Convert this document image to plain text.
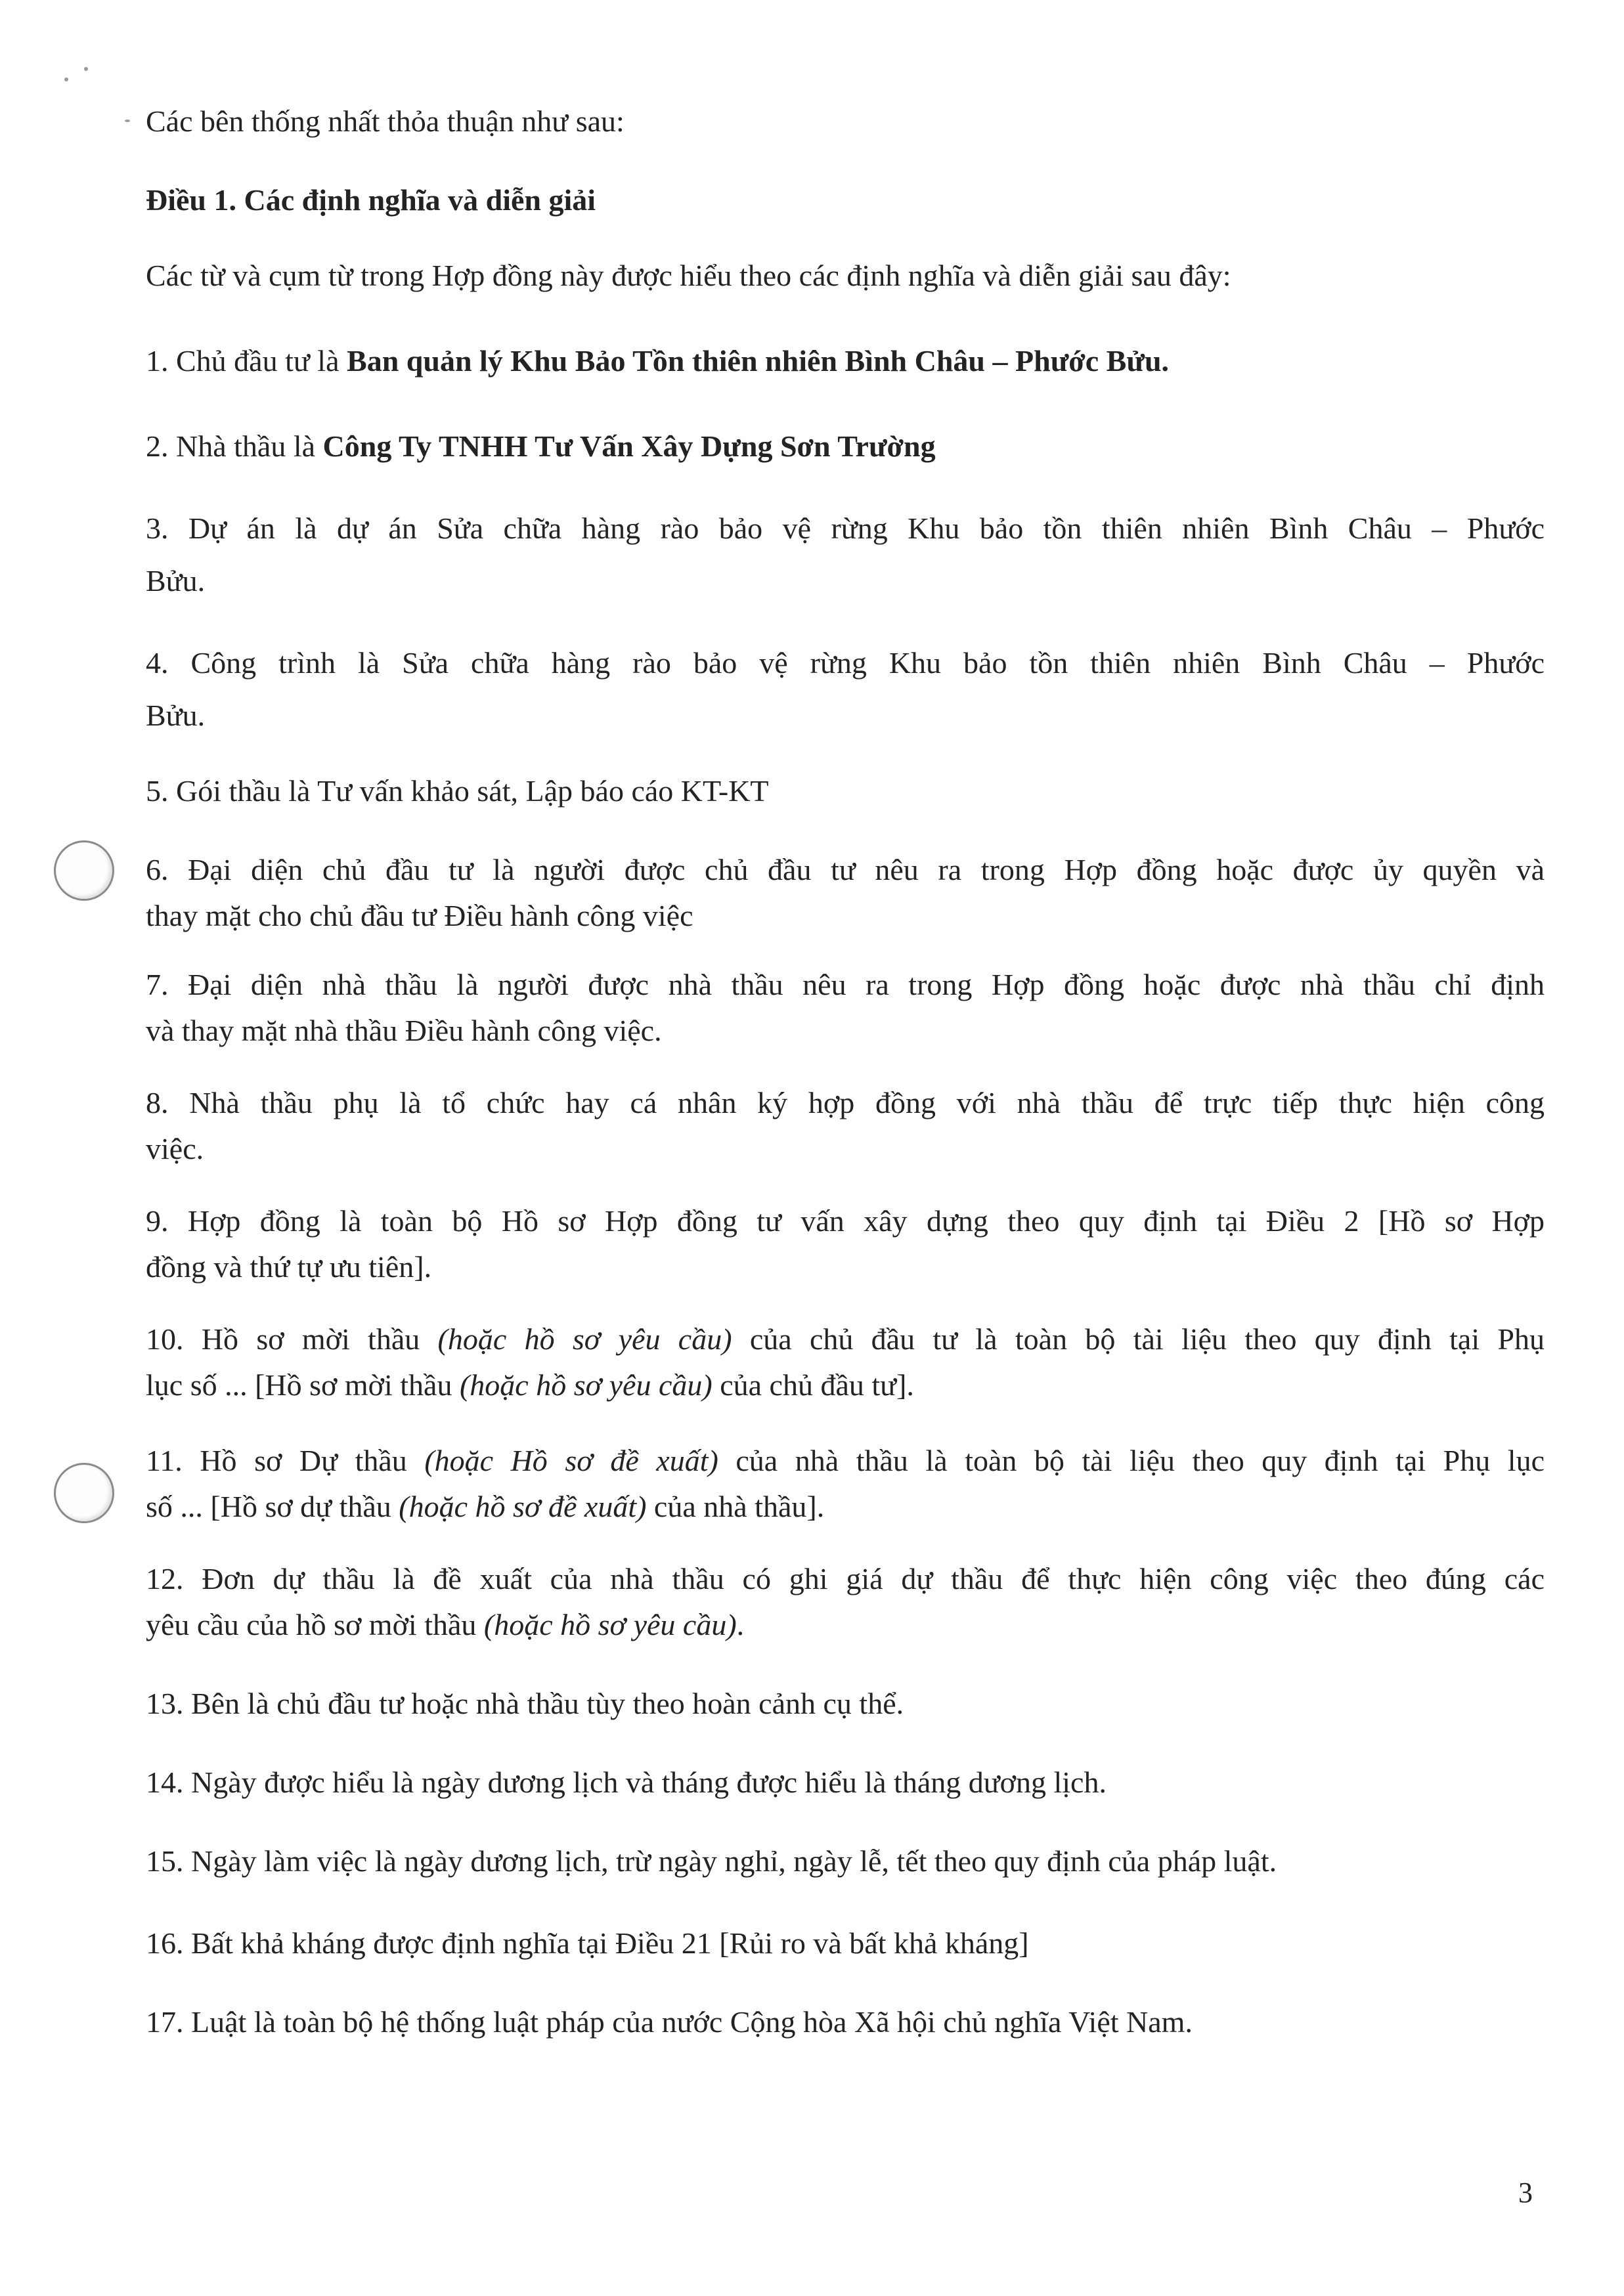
Các bên thống nhất thỏa thuận như sau:
Điều 1. Các định nghĩa và diễn giải
Các từ và cụm từ trong Hợp đồng này được hiểu theo các định nghĩa và diễn giải sau đây:
1. Chủ đầu tư là Ban quản lý Khu Bảo Tồn thiên nhiên Bình Châu – Phước Bửu.
2. Nhà thầu là Công Ty TNHH Tư Vấn Xây Dựng Sơn Trường
3. Dự án là dự án Sửa chữa hàng rào bảo vệ rừng Khu bảo tồn thiên nhiên Bình Châu – Phước
Bửu.
4. Công trình là Sửa chữa hàng rào bảo vệ rừng Khu bảo tồn thiên nhiên Bình Châu – Phước
Bửu.
5. Gói thầu là Tư vấn khảo sát, Lập báo cáo KT-KT
6. Đại diện chủ đầu tư là người được chủ đầu tư nêu ra trong Hợp đồng hoặc được ủy quyền và
thay mặt cho chủ đầu tư Điều hành công việc
7. Đại diện nhà thầu là người được nhà thầu nêu ra trong Hợp đồng hoặc được nhà thầu chỉ định
và thay mặt nhà thầu Điều hành công việc.
8. Nhà thầu phụ là tổ chức hay cá nhân ký hợp đồng với nhà thầu để trực tiếp thực hiện công
việc.
9. Hợp đồng là toàn bộ Hồ sơ Hợp đồng tư vấn xây dựng theo quy định tại Điều 2 [Hồ sơ Hợp
đồng và thứ tự ưu tiên].
10. Hồ sơ mời thầu (hoặc hồ sơ yêu cầu) của chủ đầu tư là toàn bộ tài liệu theo quy định tại Phụ
lục số ... [Hồ sơ mời thầu (hoặc hồ sơ yêu cầu) của chủ đầu tư].
11. Hồ sơ Dự thầu (hoặc Hồ sơ đề xuất) của nhà thầu là toàn bộ tài liệu theo quy định tại Phụ lục
số ... [Hồ sơ dự thầu (hoặc hồ sơ đề xuất) của nhà thầu].
12. Đơn dự thầu là đề xuất của nhà thầu có ghi giá dự thầu để thực hiện công việc theo đúng các
yêu cầu của hồ sơ mời thầu (hoặc hồ sơ yêu cầu).
13. Bên là chủ đầu tư hoặc nhà thầu tùy theo hoàn cảnh cụ thể.
14. Ngày được hiểu là ngày dương lịch và tháng được hiểu là tháng dương lịch.
15. Ngày làm việc là ngày dương lịch, trừ ngày nghỉ, ngày lễ, tết theo quy định của pháp luật.
16. Bất khả kháng được định nghĩa tại Điều 21 [Rủi ro và bất khả kháng]
17. Luật là toàn bộ hệ thống luật pháp của nước Cộng hòa Xã hội chủ nghĩa Việt Nam.
3
